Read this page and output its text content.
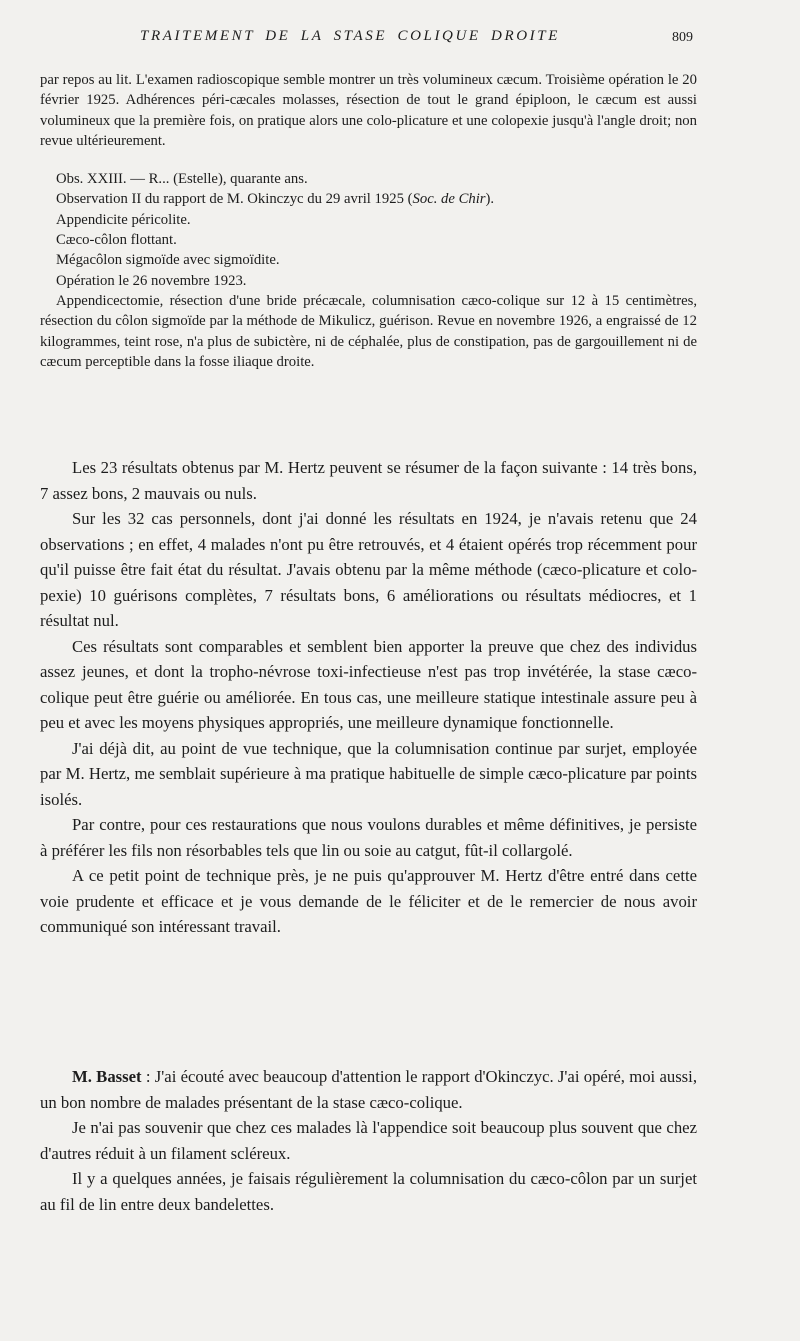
TRAITEMENT DE LA STASE COLIQUE DROITE	809

par repos au lit. L'examen radioscopique semble montrer un très volumineux cæcum. Troisième opération le 20 février 1925. Adhérences péri-cæcales molasses, résection de tout le grand épiploon, le cæcum est aussi volumineux que la première fois, on pratique alors une colo-plicature et une colopexie jusqu'à l'angle droit; non revue ultérieurement.

Obs. XXIII. — R... (Estelle), quarante ans.

Observation II du rapport de M. Okinczyc du 29 avril 1925 (Soc. de Chir).

Appendicite péricolite.

Cæco-côlon flottant.

Mégacôlon sigmoïde avec sigmoïdite.

Opération le 26 novembre 1923.

Appendicectomie, résection d'une bride précæcale, columnisation cæco-colique sur 12 à 15 centimètres, résection du côlon sigmoïde par la méthode de Mikulicz, guérison. Revue en novembre 1926, a engraissé de 12 kilogrammes, teint rose, n'a plus de subictère, ni de céphalée, plus de constipation, pas de gargouillement ni de cæcum perceptible dans la fosse iliaque droite.

Les 23 résultats obtenus par M. Hertz peuvent se résumer de la façon suivante : 14 très bons, 7 assez bons, 2 mauvais ou nuls.

Sur les 32 cas personnels, dont j'ai donné les résultats en 1924, je n'avais retenu que 24 observations ; en effet, 4 malades n'ont pu être retrouvés, et 4 étaient opérés trop récemment pour qu'il puisse être fait état du résultat. J'avais obtenu par la même méthode (cæco-plicature et colo-pexie) 10 guérisons complètes, 7 résultats bons, 6 améliorations ou résultats médiocres, et 1 résultat nul.

Ces résultats sont comparables et semblent bien apporter la preuve que chez des individus assez jeunes, et dont la tropho-névrose toxi-infectieuse n'est pas trop invétérée, la stase cæco-colique peut être guérie ou améliorée. En tous cas, une meilleure statique intestinale assure peu à peu et avec les moyens physiques appropriés, une meilleure dynamique fonctionnelle.

J'ai déjà dit, au point de vue technique, que la columnisation continue par surjet, employée par M. Hertz, me semblait supérieure à ma pratique habituelle de simple cæco-plicature par points isolés.

Par contre, pour ces restaurations que nous voulons durables et même définitives, je persiste à préférer les fils non résorbables tels que lin ou soie au catgut, fût-il collargolé.

A ce petit point de technique près, je ne puis qu'approuver M. Hertz d'être entré dans cette voie prudente et efficace et je vous demande de le féliciter et de le remercier de nous avoir communiqué son intéressant travail.

M. Basset : J'ai écouté avec beaucoup d'attention le rapport d'Okinczyc. J'ai opéré, moi aussi, un bon nombre de malades présentant de la stase cæco-colique.

Je n'ai pas souvenir que chez ces malades là l'appendice soit beaucoup plus souvent que chez d'autres réduit à un filament scléreux.

Il y a quelques années, je faisais régulièrement la columnisation du cæco-côlon par un surjet au fil de lin entre deux bandelettes.
